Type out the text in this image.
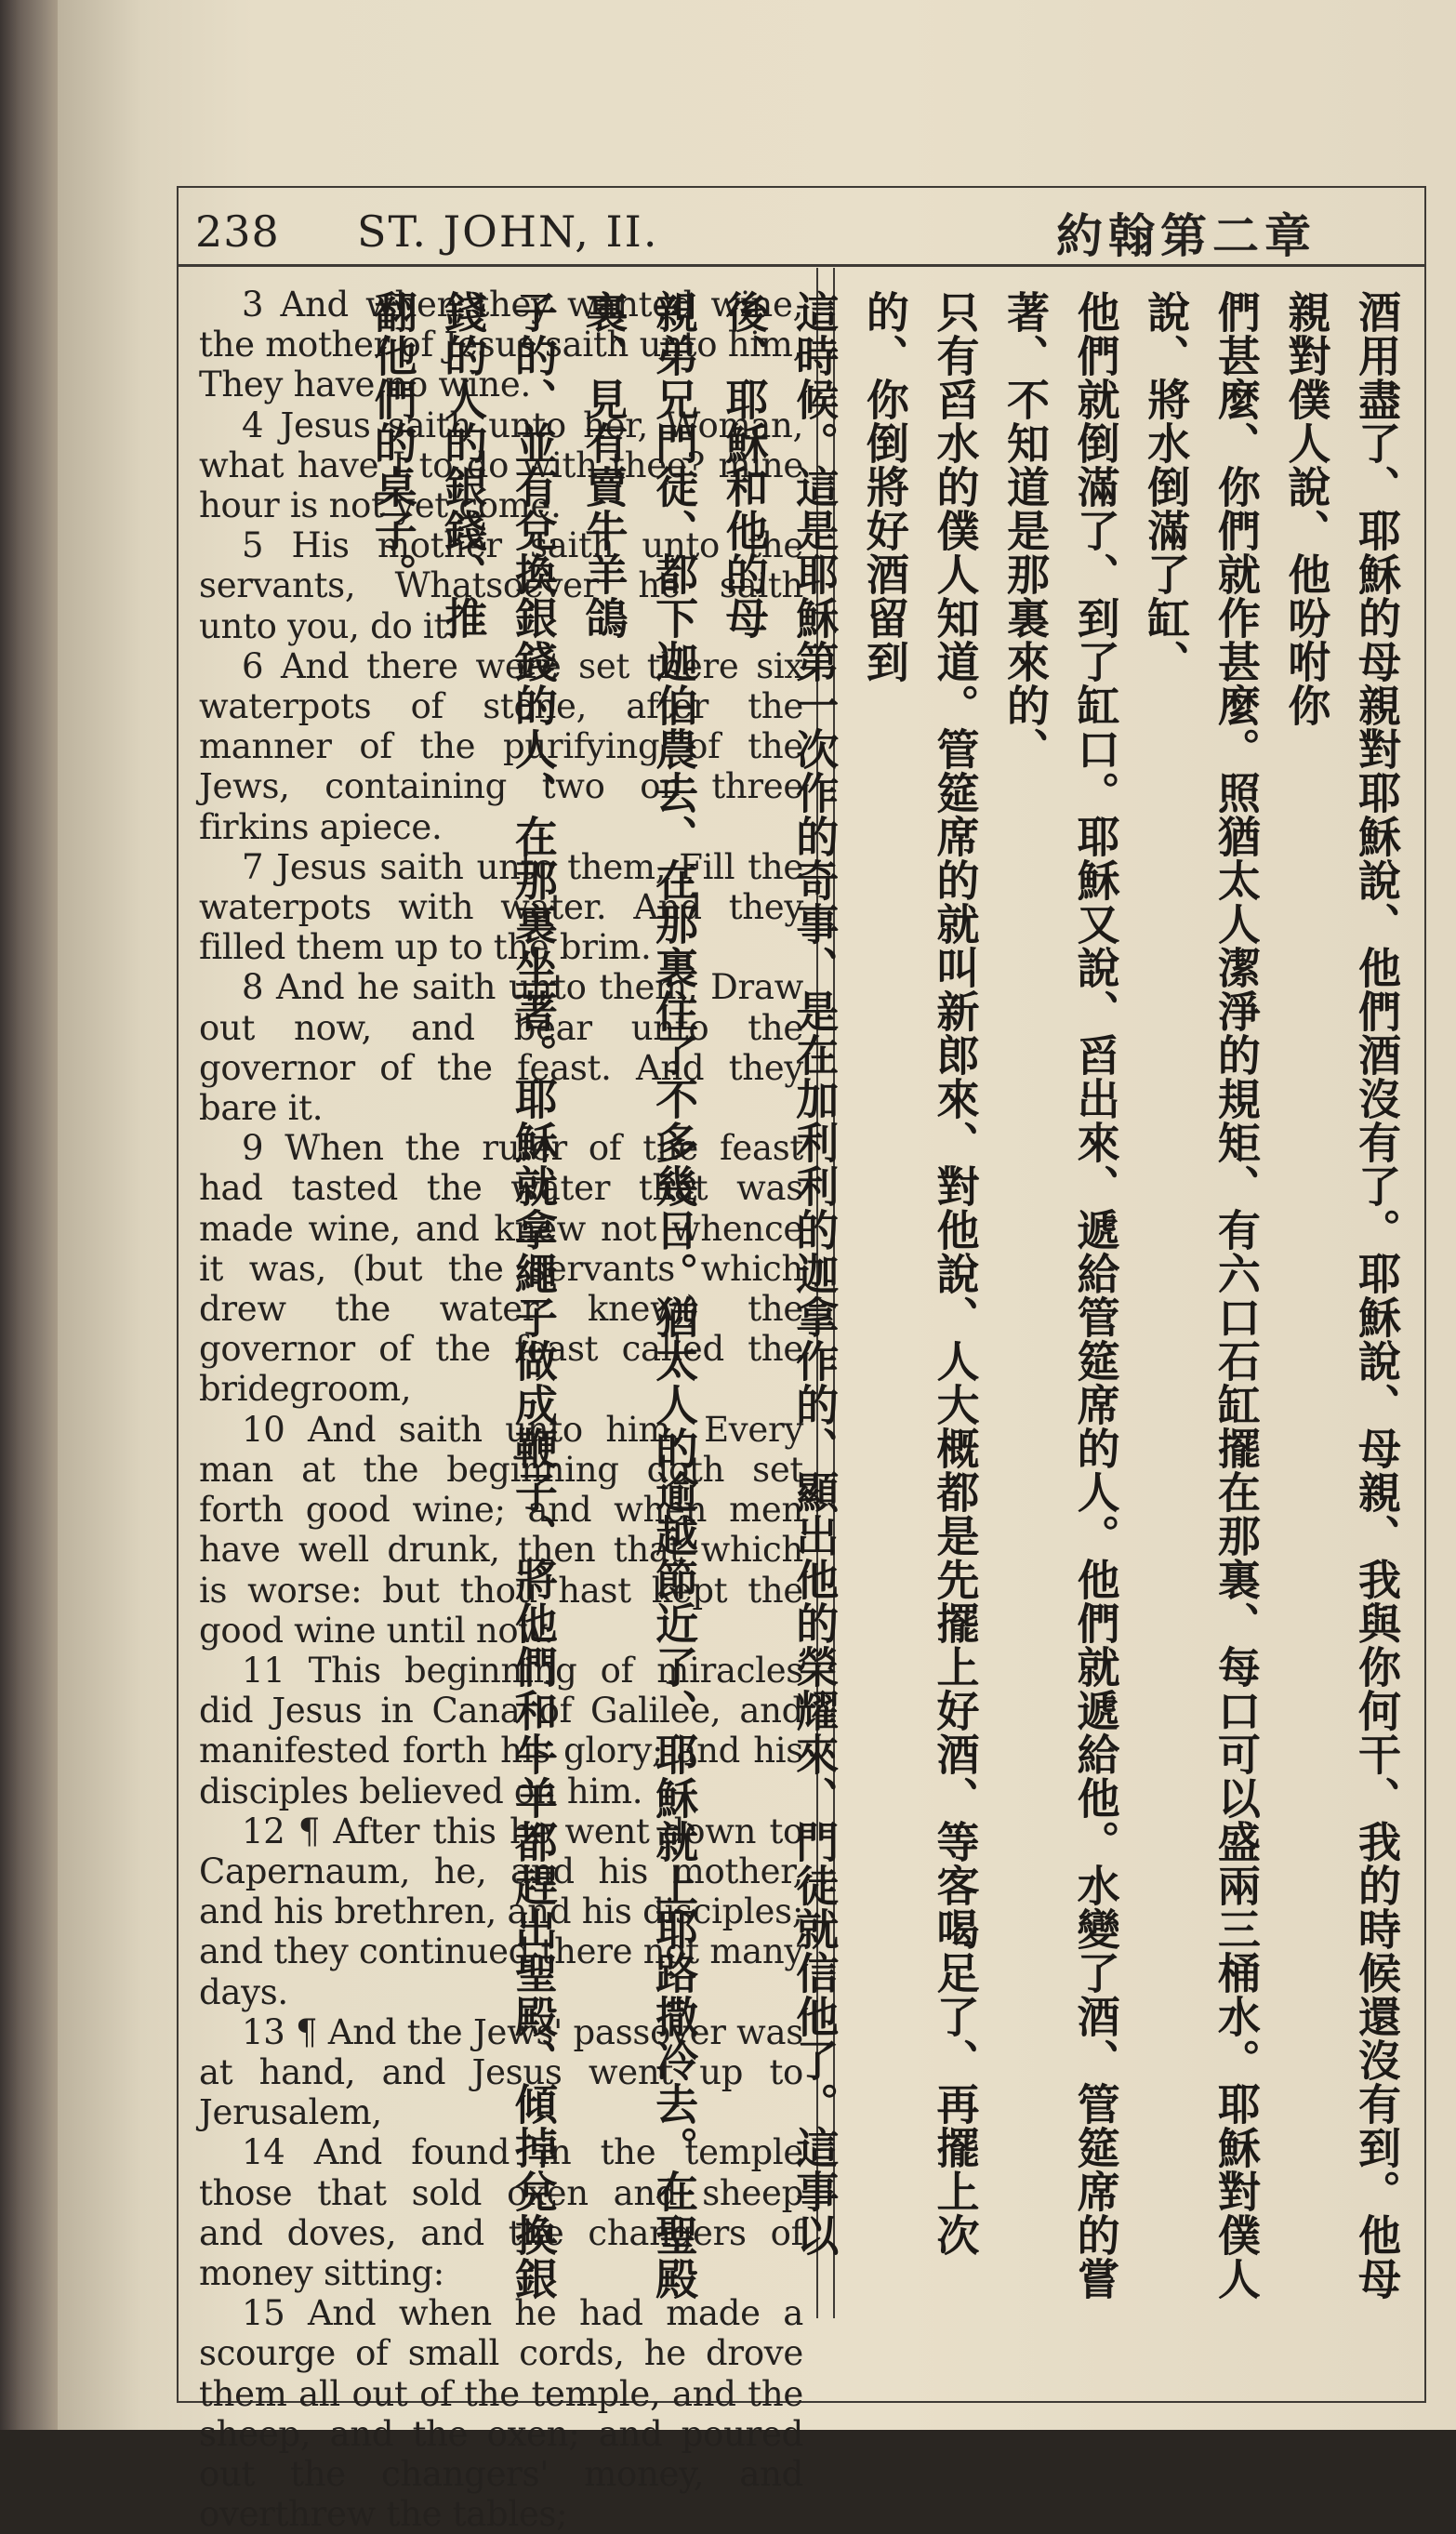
238 ST. JOHN, II.	約翰第二章

3 And when they wanted wine, the mother of Jesus saith unto him, They have no wine.

4 Jesus saith unto her, Woman, what have I to do with thee? mine hour is not yet come.

5 His mother saith unto the servants, Whatsoever he saith unto you, do it.

6 And there were set there six waterpots of stone, after the manner of the purifying of the Jews, containing two or three firkins apiece.

7 Jesus saith unto them, Fill the waterpots with water. And they filled them up to the brim.

8 And he saith unto them, Draw out now, and bear unto the governor of the feast. And they bare it.

9 When the ruler of the feast had tasted the water that was made wine, and knew not whence it was, (but the servants which drew the water knew,) the governor of the feast called the bridegroom,

10 And saith unto him, Every man at the beginning doth set forth good wine; and when men have well drunk, then that which is worse: but thou hast kept the good wine until now.

11 This beginning of miracles did Jesus in Cana of Galilee, and manifested forth his glory; and his disciples believed on him.

12 ¶ After this he went down to Capernaum, he, and his mother, and his brethren, and his disciples; and they continued there not many days.

13 ¶ And the Jews' passover was at hand, and Jesus went up to Jerusalem,

14 And found in the temple those that sold oxen and sheep and doves, and the changers of money sitting:

15 And when he had made a scourge of small cords, he drove them all out of the temple, and the sheep, and the oxen; and poured out the changers' money, and overthrew the tables;

酒用盡了、耶穌的母親對耶穌說、他們酒沒有了。耶穌說、母親、我與你何干、我的時候還沒有到。他母親對僕人說、他吩咐你
們甚麼、你們就作甚麼。照猶太人潔淨的規矩、有六口石缸擺在那裏、每口可以盛兩三桶水。耶穌對僕人說、將水倒滿了缸、
他們就倒滿了、到了缸口。耶穌又說、舀出來、遞給管筵席的人。他們就遞給他。水變了酒、管筵席的嘗著、不知道是那裏來的、
只有舀水的僕人知道。管筵席的就叫新郎來、對他說、人大概都是先擺上好酒、等客喝足了、再擺上次的、你倒將好酒留到
這時候。這是耶穌第一次作的奇事、是在加利利的迦拿作的、顯出他的榮耀來、門徒就信他了。這事以後、耶穌和他的母
親弟兄門徒、都下迦伯農去、在那裏住了不多幾日。猶太人的逾越節近了、耶穌就上耶路撒冷去。在聖殿裏、見有賣牛羊鴿
子的、並有兌換銀錢的人、在那裏坐著。耶穌就拿繩子做成鞭子、將他們和牛羊都趕出聖殿、傾掉兌換銀錢的人的銀錢、推
翻他們的桌子。
